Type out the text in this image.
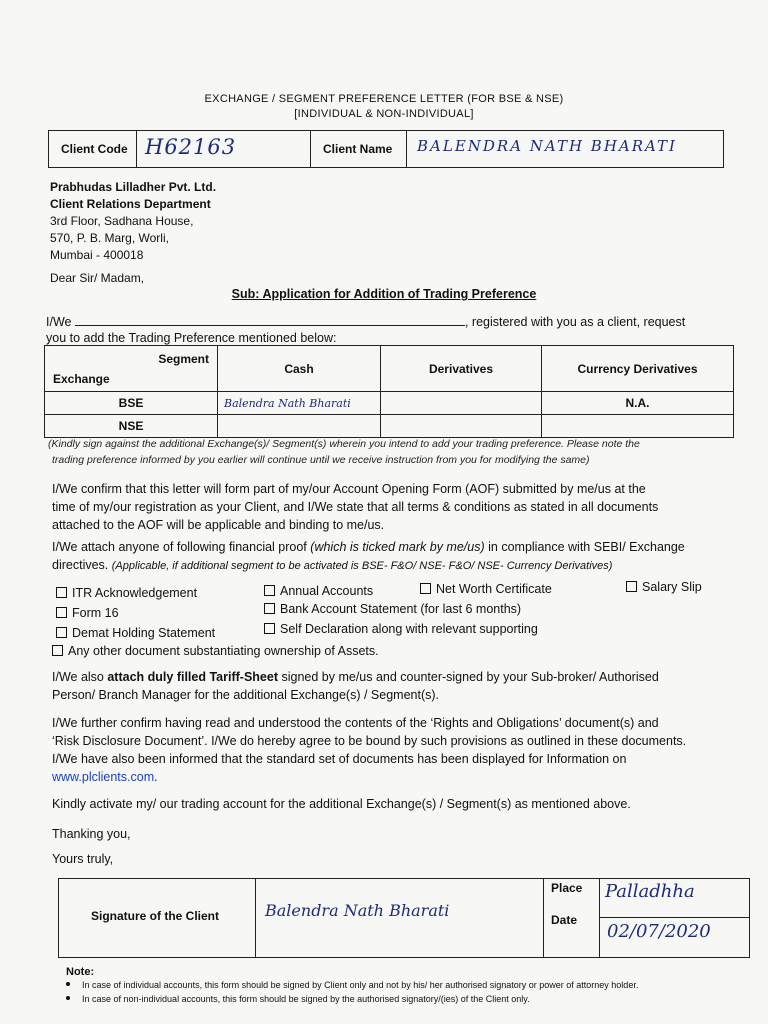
EXCHANGE / SEGMENT PREFERENCE LETTER (FOR BSE & NSE)
[INDIVIDUAL & NON-INDIVIDUAL]
Client Code H62163	Client Name BALENDRA NATH BHARATI
Prabhudas Lilladher Pvt. Ltd.
Client Relations Department
3rd Floor, Sadhana House,
570, P. B. Marg, Worli,
Mumbai - 400018
Dear Sir/ Madam,
Sub: Application for Addition of Trading Preference
I/We	, registered with you as a client, request
you to add the Trading Preference mentioned below:
Segment
Exchange	Cash	Derivatives	Currency Derivatives
BSE	Balendra Nath Bharati		N.A.
NSE			
(Kindly sign against the additional Exchange(s)/ Segment(s) wherein you intend to add your trading preference. Please note the
trading preference informed by you earlier will continue until we receive instruction from you for modifying the same)
I/We confirm that this letter will form part of my/our Account Opening Form (AOF) submitted by me/us at the
time of my/our registration as your Client, and I/We state that all terms & conditions as stated in all documents
attached to the AOF will be applicable and binding to me/us.
I/We attach anyone of following financial proof (which is ticked mark by me/us) in compliance with SEBI/ Exchange
directives. (Applicable, if additional segment to be activated is BSE- F&O/ NSE- F&O/ NSE- Currency Derivatives)
ITR Acknowledgement	Annual Accounts	Net Worth Certificate	Salary Slip
Form 16	Bank Account Statement (for last 6 months)
Demat Holding Statement	Self Declaration along with relevant supporting
Any other document substantiating ownership of Assets.
I/We also attach duly filled Tariff-Sheet signed by me/us and counter-signed by your Sub-broker/ Authorised
Person/ Branch Manager for the additional Exchange(s) / Segment(s).
I/We further confirm having read and understood the contents of the ‘Rights and Obligations’ document(s) and
‘Risk Disclosure Document’. I/We do hereby agree to be bound by such provisions as outlined in these documents.
I/We have also been informed that the standard set of documents has been displayed for Information on
www.plclients.com.
Kindly activate my/ our trading account for the additional Exchange(s) / Segment(s) as mentioned above.
Thanking you,
Yours truly,
Signature of the Client	Balendra Nath Bharati
Place Palladhha
Date
02/07/2020
Note:
In case of individual accounts, this form should be signed by Client only and not by his/ her authorised signatory or power of attorney holder.
In case of non-individual accounts, this form should be signed by the authorised signatory/(ies) of the Client only.
